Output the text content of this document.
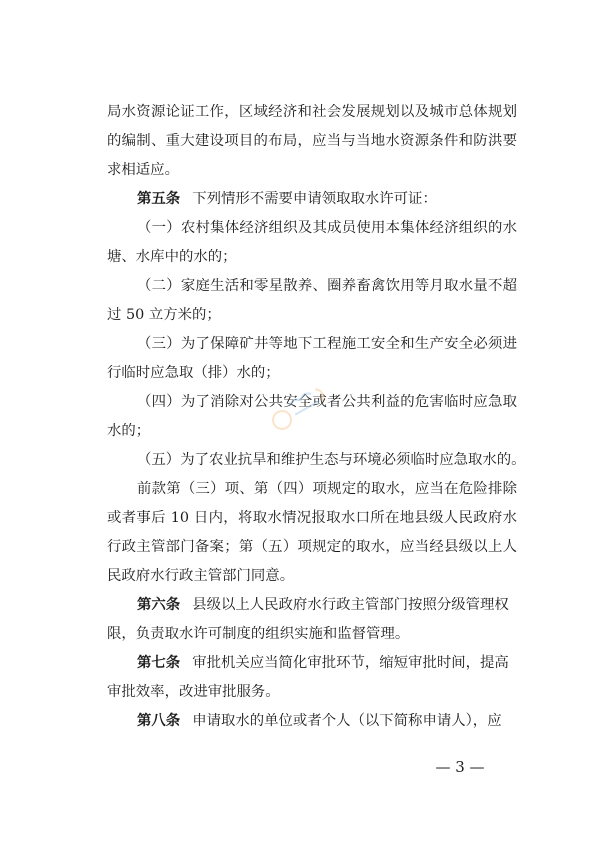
局水资源论证工作，区域经济和社会发展规划以及城市总体规划
的编制、重大建设项目的布局，应当与当地水资源条件和防洪要
求相适应。
第五条 下列情形不需要申请领取取水许可证：
（一）农村集体经济组织及其成员使用本集体经济组织的水
塘、水库中的水的；
（二）家庭生活和零星散养、圈养畜禽饮用等月取水量不超
过 50 立方米的；
（三）为了保障矿井等地下工程施工安全和生产安全必须进
行临时应急取（排）水的；
（四）为了消除对公共安全或者公共利益的危害临时应急取
水的；
（五）为了农业抗旱和维护生态与环境必须临时应急取水的。
前款第（三）项、第（四）项规定的取水，应当在危险排除
或者事后 10 日内，将取水情况报取水口所在地县级人民政府水
行政主管部门备案；第（五）项规定的取水，应当经县级以上人
民政府水行政主管部门同意。
第六条 县级以上人民政府水行政主管部门按照分级管理权
限，负责取水许可制度的组织实施和监督管理。
第七条 审批机关应当简化审批环节，缩短审批时间，提高
审批效率，改进审批服务。
第八条 申请取水的单位或者个人（以下简称申请人），应
— 3 —
